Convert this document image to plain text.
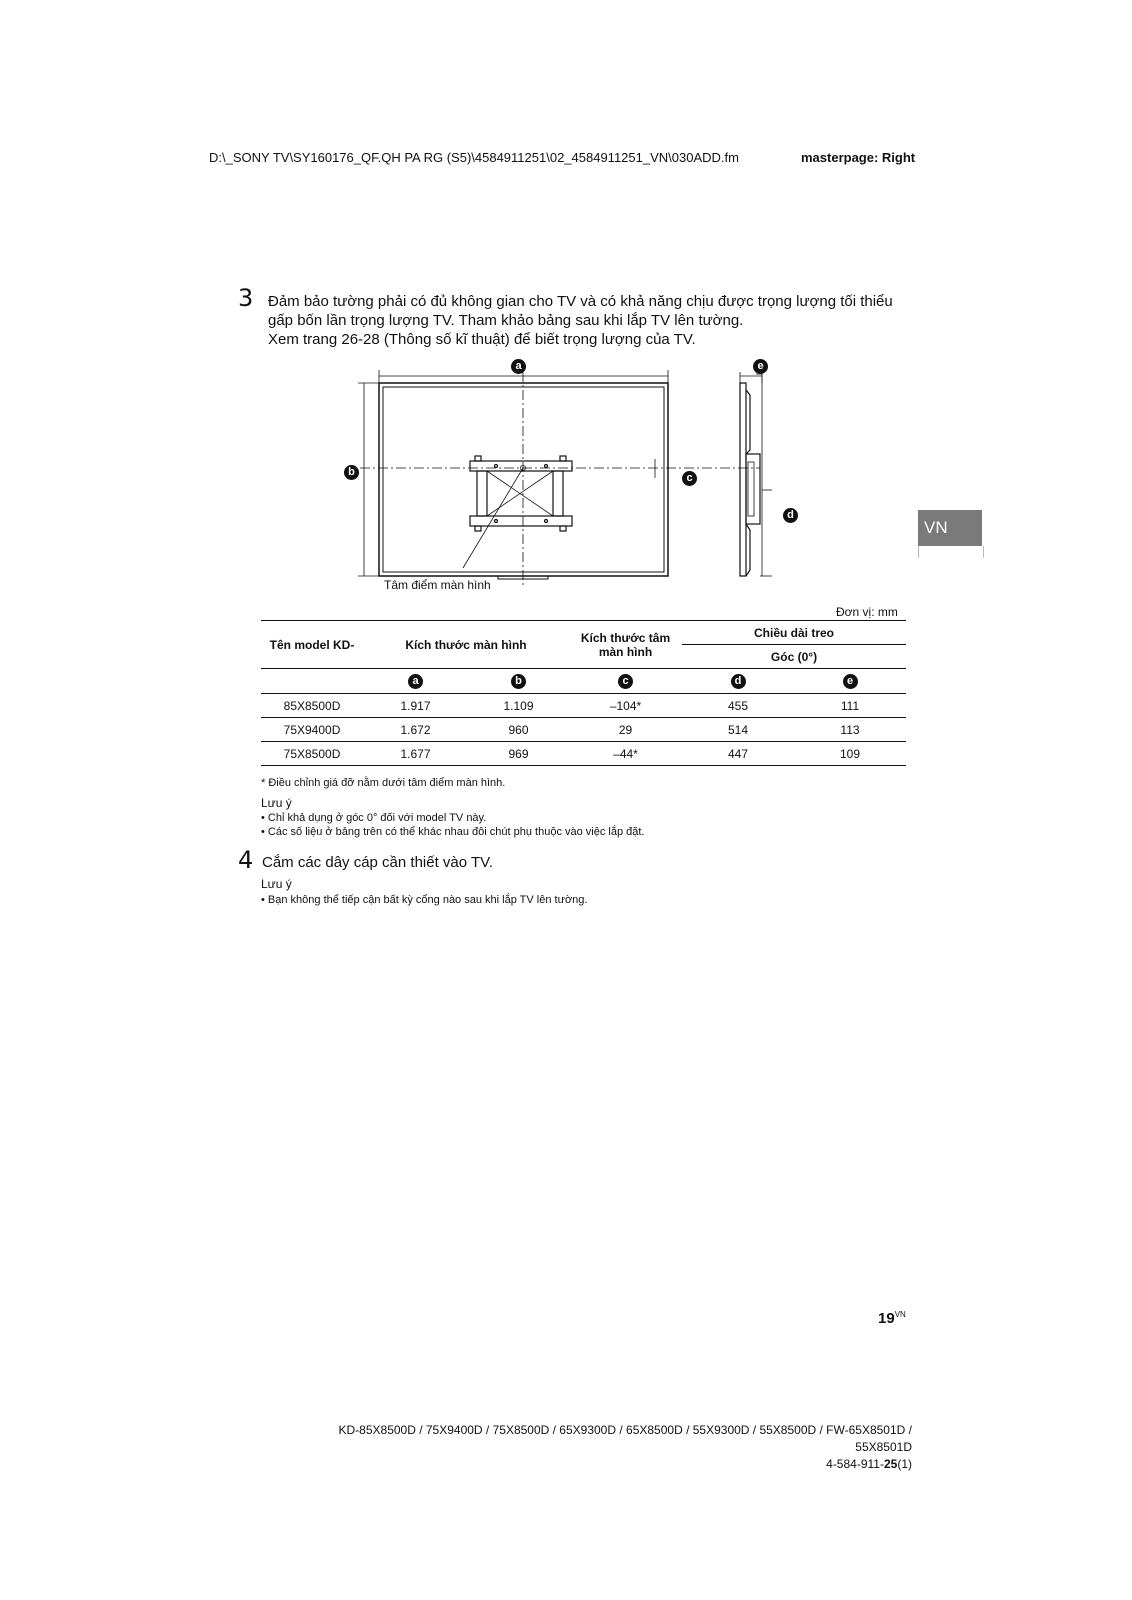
D:\_SONY TV\SY160176_QF.QH PA RG (S5)\4584911251\02_4584911251_VN\030ADD.fm	masterpage: Right
3 Đảm bảo tường phải có đủ không gian cho TV và có khả năng chịu được trọng lượng tối thiểu
gấp bốn lần trọng lượng TV. Tham khảo bảng sau khi lắp TV lên tường.
Xem trang 26-28 (Thông số kĩ thuật) để biết trọng lượng của TV.
a	e
b	c
d
Tâm điểm màn hình
VN
Đơn vị: mm
Tên model KD-	Kích thước màn hình		Kích thước tâm màn hình	Chiều dài treo	
				Góc (0°)	
	a	b	c	d	e
85X8500D	1.917	1.109	–104*	455	111
75X9400D	1.672	960	29	514	113
75X8500D	1.677	969	–44*	447	109
* Điều chỉnh giá đỡ nằm dưới tâm điểm màn hình.
Lưu ý
• Chỉ khả dụng ở góc 0° đối với model TV này.
• Các số liệu ở bảng trên có thể khác nhau đôi chút phụ thuộc vào việc lắp đặt.
4 Cắm các dây cáp cần thiết vào TV.
Lưu ý
• Bạn không thể tiếp cận bất kỳ cổng nào sau khi lắp TV lên tường.
$19^{VN}$
KD-85X8500D / 75X9400D / 75X8500D / 65X9300D / 65X8500D / 55X9300D / 55X8500D / FW-65X8501D /
55X8501D
4-584-911-25(1)
